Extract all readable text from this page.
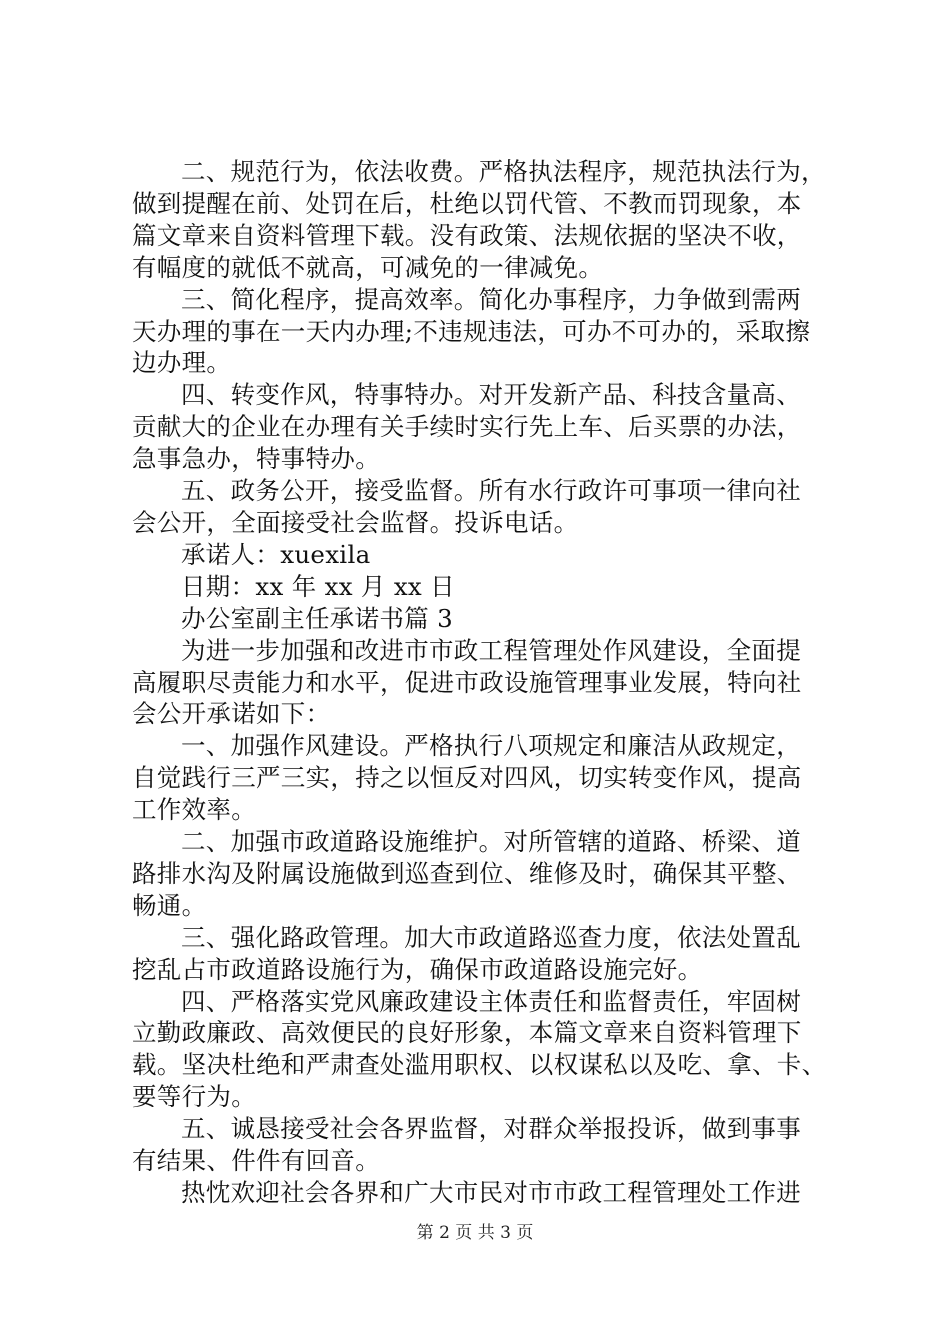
二、规范行为，依法收费。严格执法程序，规范执法行为，
做到提醒在前、处罚在后，杜绝以罚代管、不教而罚现象，本
篇文章来自资料管理下载。没有政策、法规依据的坚决不收，
有幅度的就低不就高，可减免的一律减免。

三、简化程序，提高效率。简化办事程序，力争做到需两
天办理的事在一天内办理;不违规违法，可办不可办的，采取擦
边办理。

四、转变作风，特事特办。对开发新产品、科技含量高、
贡献大的企业在办理有关手续时实行先上车、后买票的办法，
急事急办，特事特办。

五、政务公开，接受监督。所有水行政许可事项一律向社
会公开，全面接受社会监督。投诉电话。

承诺人：xuexila

日期：xx 年 xx 月 xx 日

办公室副主任承诺书篇 3

为进一步加强和改进市市政工程管理处作风建设，全面提
高履职尽责能力和水平，促进市政设施管理事业发展，特向社
会公开承诺如下：

一、加强作风建设。严格执行八项规定和廉洁从政规定，
自觉践行三严三实，持之以恒反对四风，切实转变作风，提高
工作效率。

二、加强市政道路设施维护。对所管辖的道路、桥梁、道
路排水沟及附属设施做到巡查到位、维修及时，确保其平整、
畅通。

三、强化路政管理。加大市政道路巡查力度，依法处置乱
挖乱占市政道路设施行为，确保市政道路设施完好。

四、严格落实党风廉政建设主体责任和监督责任，牢固树
立勤政廉政、高效便民的良好形象，本篇文章来自资料管理下
载。坚决杜绝和严肃查处滥用职权、以权谋私以及吃、拿、卡、
要等行为。

五、诚恳接受社会各界监督，对群众举报投诉，做到事事
有结果、件件有回音。

热忱欢迎社会各界和广大市民对市市政工程管理处工作进

第 2 页 共 3 页
